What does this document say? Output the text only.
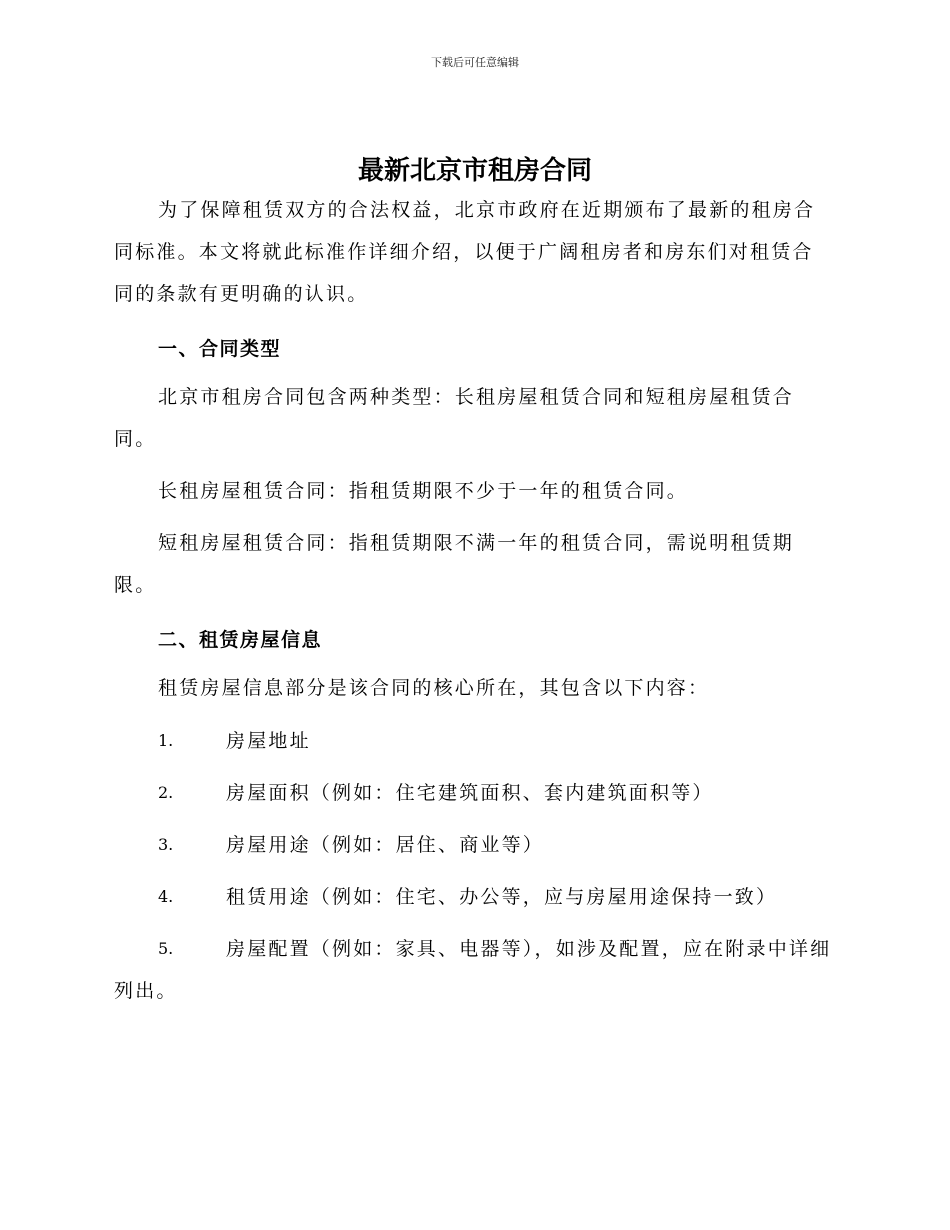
下载后可任意编辑
最新北京市租房合同
为了保障租赁双方的合法权益，北京市政府在近期颁布了最新的租房合同标准。本文将就此标准作详细介绍，以便于广阔租房者和房东们对租赁合同的条款有更明确的认识。
一、合同类型
北京市租房合同包含两种类型：长租房屋租赁合同和短租房屋租赁合同。
长租房屋租赁合同：指租赁期限不少于一年的租赁合同。
短租房屋租赁合同：指租赁期限不满一年的租赁合同，需说明租赁期限。
二、租赁房屋信息
租赁房屋信息部分是该合同的核心所在，其包含以下内容：
1.	房屋地址
2.	房屋面积（例如：住宅建筑面积、套内建筑面积等）
3.	房屋用途（例如：居住、商业等）
4.	租赁用途（例如：住宅、办公等，应与房屋用途保持一致）
5.	房屋配置（例如：家具、电器等），如涉及配置，应在附录中详细列出。
